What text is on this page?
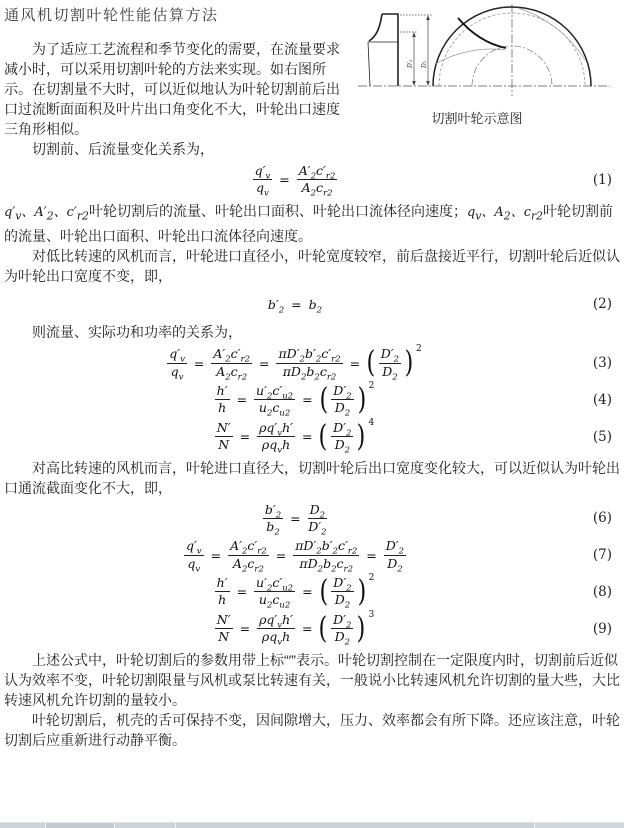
D′₂ D₂
切割叶轮示意图
通风机切割叶轮性能估算方法

为了适应工艺流程和季节变化的需要，在流量要求减小时，可以采用切割叶轮的方法来实现。如右图所示。在切割量不大时，可以近似地认为叶轮切割前后出口过流断面面积及叶片出口角变化不大，叶轮出口速度三角形相似。

切割前、后流量变化关系为，

$\frac{q'_v}{q_v} = \frac{A'_2c'_{r2}}{A_2c_{r2}}$	(1)

$q'_v$、$A'_2$、$c'_{r2}$叶轮切割后的流量、叶轮出口面积、叶轮出口流体径向速度；$q_v$、$A_2$、$c_{r2}$叶轮切割前的流量、叶轮出口面积、叶轮出口流体径向速度。

对低比转速的风机而言，叶轮进口直径小，叶轮宽度较窄，前后盘接近平行，切割叶轮后近似认为叶轮出口宽度不变，即，

$b'_2 = b_2$	(2)

则流量、实际功和功率的关系为，

$\frac{q'_v}{q_v} = \frac{A'_2c'_{r2}}{A_2c_{r2}} = \frac{\pi D'_2b'_2c'_{r2}}{\pi D_2b_2c_{r2}}$ = ( $\frac{D'_2}{D_2}$ ) $^2$
(3)
$\frac{h'}{h} = \frac{u'_2c'_{u2}}{u_2c_{u2}}$ = ( $\frac{D'_2}{D_2}$ ) $^2$
(4)
$\frac{N'}{N} = \frac{\rho q'_vh'}{\rho q_vh}$ = ( $\frac{D'_2}{D_2}$ ) $^4$
(5)

对高比转速的风机而言，叶轮进口直径大，切割叶轮后出口宽度变化较大，可以近似认为叶轮出口通流截面变化不大，即，

$\frac{b'_2}{b_2} = \frac{D_2}{D'_2}$	(6)
$\frac{q'_v}{q_v} = \frac{A'_2c'_{r2}}{A_2c_{r2}} = \frac{\pi D'_2b'_2c'_{r2}}{\pi D_2b_2c_{r2}} = \frac{D'_2}{D_2}$	(7)
$\frac{h'}{h} = \frac{u'_2c'_{u2}}{u_2c_{u2}}$ = ( $\frac{D'_2}{D_2}$ ) $^2$
(8)
$\frac{N'}{N} = \frac{\rho q'_vh'}{\rho q_vh}$ = ( $\frac{D'_2}{D_2}$ ) $^3$
(9)

上述公式中，叶轮切割后的参数用带上标“′”表示。叶轮切割控制在一定限度内时，切割前后近似认为效率不变，叶轮切割限量与风机或泵比转速有关，一般说小比转速风机允许切割的量大些，大比转速风机允许切割的量较小。

叶轮切割后，机壳的舌可保持不变，因间隙增大，压力、效率都会有所下降。还应该注意，叶轮切割后应重新进行动静平衡。
